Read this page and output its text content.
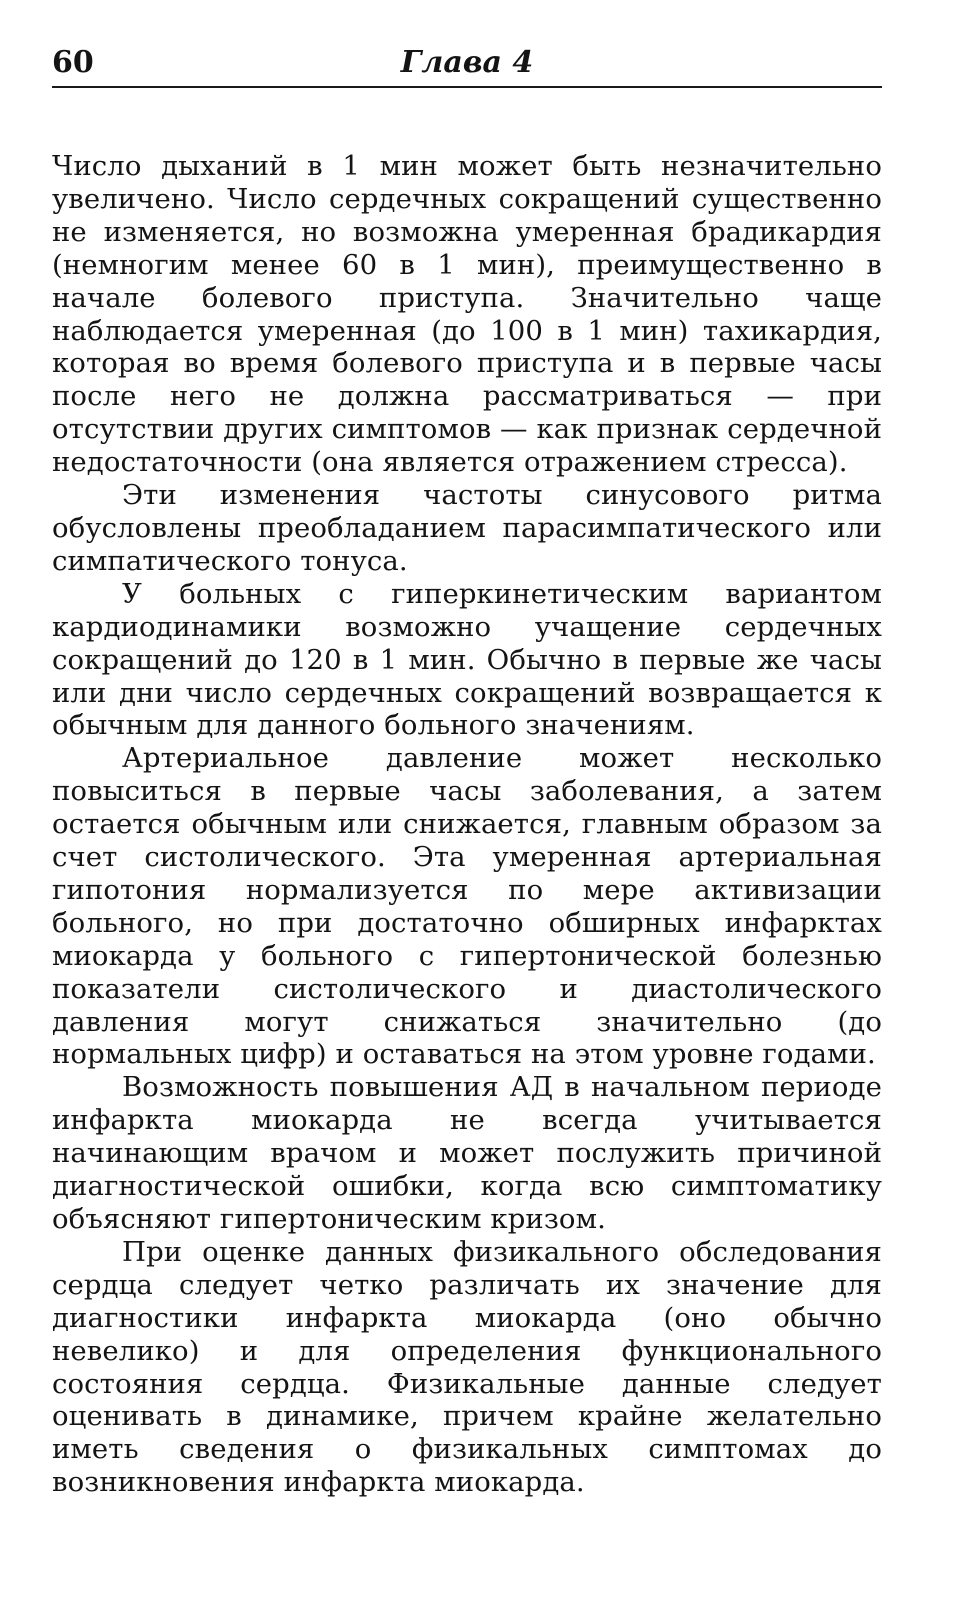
60	Глава 4

Число дыханий в 1 мин может быть незначительно увеличено. Число сердечных сокращений существенно не изменяется, но возможна умеренная брадикардия (немногим менее 60 в 1 мин), преимущественно в начале болевого приступа. Значительно чаще наблюдается умеренная (до 100 в 1 мин) тахикардия, которая во время болевого приступа и в первые часы после него не должна рассматриваться — при отсутствии других симптомов — как признак сердечной недостаточности (она является отражением стресса).

Эти изменения частоты синусового ритма обусловлены преобладанием парасимпатического или симпатического тонуса.

У больных с гиперкинетическим вариантом кардиодинамики возможно учащение сердечных сокращений до 120 в 1 мин. Обычно в первые же часы или дни число сердечных сокращений возвращается к обычным для данного больного значениям.

Артериальное давление может несколько повыситься в первые часы заболевания, а затем остается обычным или снижается, главным образом за счет систолического. Эта умеренная артериальная гипотония нормализуется по мере активизации больного, но при достаточно обширных инфарктах миокарда у больного с гипертонической болезнью показатели систолического и диастолического давления могут снижаться значительно (до нормальных цифр) и оставаться на этом уровне годами.

Возможность повышения АД в начальном периоде инфаркта миокарда не всегда учитывается начинающим врачом и может послужить причиной диагностической ошибки, когда всю симптоматику объясняют гипертоническим кризом.

При оценке данных физикального обследования сердца следует четко различать их значение для диагностики инфаркта миокарда (оно обычно невелико) и для определения функционального состояния сердца. Физикальные данные следует оценивать в динамике, причем крайне желательно иметь сведения о физикальных симптомах до возникновения инфаркта миокарда.
